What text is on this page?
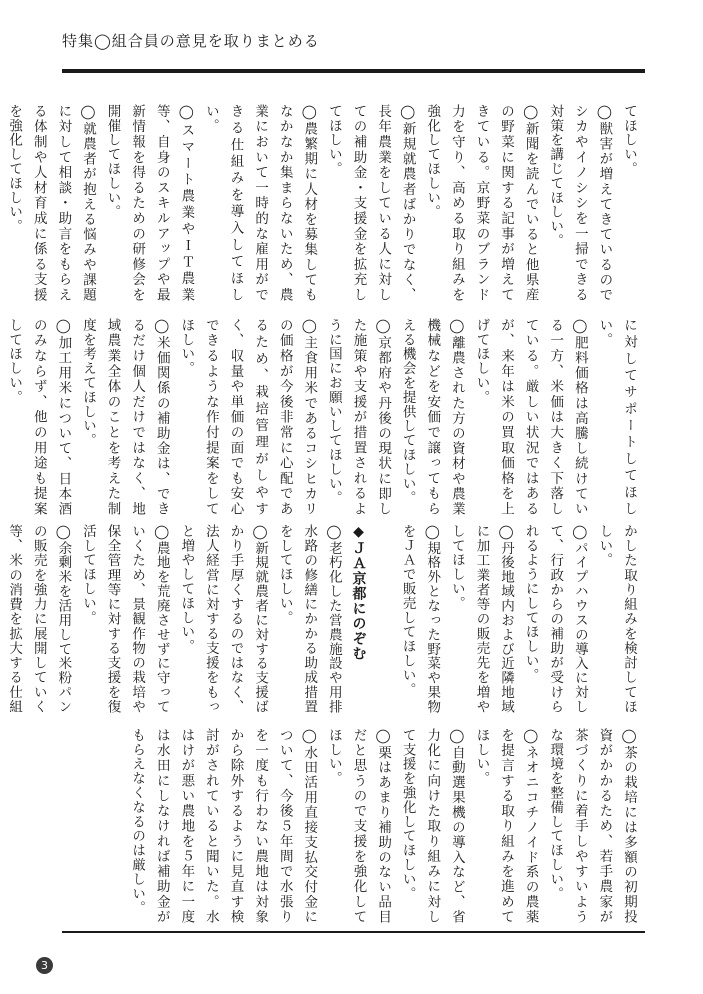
特集◯組合員の意見を取りまとめる

てほしい。

◯獣害が増えてきているのでシカやイノシシを一掃できる対策を講じてほしい。

◯新聞を読んでいると他県産の野菜に関する記事が増えてきている。京野菜のブランド力を守り、高める取り組みを強化してほしい。

◯新規就農者ばかりでなく、長年農業をしている人に対しての補助金・支援金を拡充してほしい。

◯農繁期に人材を募集してもなかなか集まらないため、農業において一時的な雇用ができる仕組みを導入してほしい。

◯スマート農業やＩＴ農業等、自身のスキルアップや最新情報を得るための研修会を開催してほしい。

◯就農者が抱える悩みや課題に対して相談・助言をもらえる体制や人材育成に係る支援を強化してほしい。

に対してサポートしてほしい。

◯肥料価格は高騰し続けている一方、米価は大きく下落している。厳しい状況ではあるが、来年は米の買取価格を上げてほしい。

◯離農された方の資材や農業機械などを安価で譲ってもらえる機会を提供してほしい。

◯京都府や丹後の現状に即した施策や支援が措置されるように国にお願いしてほしい。

◯主食用米であるコシヒカリの価格が今後非常に心配であるため、栽培管理がしやすく、収量や単価の面でも安心できるような作付提案をしてほしい。

◯米価関係の補助金は、できるだけ個人だけではなく、地域農業全体のことを考えた制度を考えてほしい。

◯加工用米について、日本酒のみならず、他の用途も提案してほしい。

かした取り組みを検討してほしい。

◯パイプハウスの導入に対して、行政からの補助が受けられるようにしてほしい。

◯丹後地域内および近隣地域に加工業者等の販売先を増やしてほしい。

◯規格外となった野菜や果物をＪＡで販売してほしい。

◆ＪＡ京都にのぞむ

◯老朽化した営農施設や用排水路の修繕にかかる助成措置をしてほしい。

◯新規就農者に対する支援ばかり手厚くするのではなく、法人経営に対する支援をもっと増やしてほしい。

◯農地を荒廃させずに守っていくため、景観作物の栽培や保全管理等に対する支援を復活してほしい。

◯余剰米を活用して米粉パンの販売を強力に展開していく等、米の消費を拡大する仕組

◯茶の栽培には多額の初期投資がかかるため、若手農家が茶づくりに着手しやすいような環境を整備してほしい。

◯ネオニコチノイド系の農薬を提言する取り組みを進めてほしい。

◯自動選果機の導入など、省力化に向けた取り組みに対して支援を強化してほしい。

◯栗はあまり補助のない品目だと思うので支援を強化してほしい。

◯水田活用直接支払交付金について、今後５年間で水張りを一度も行わない農地は対象から除外するように見直す検討がされていると聞いた。水はけが悪い農地を５年に一度は水田にしなければ補助金がもらえなくなるのは厳しい。

3
